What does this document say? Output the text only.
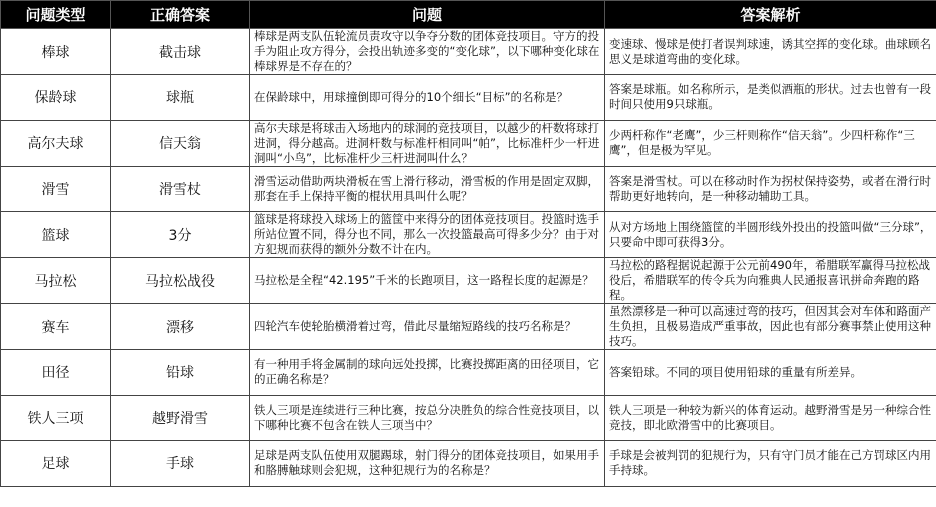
问题类型	正确答案	问题	答案解析
棒球	截击球	棒球是两支队伍轮流员责攻守以争夺分数的团体竞技项目。守方的投手为阻止攻方得分，会投出轨迹多变的“变化球”，以下哪种变化球在棒球界是不存在的？	变速球、慢球是使打者误判球速，诱其空挥的变化球。曲球顾名思义是球道弯曲的变化球。
保龄球	球瓶	在保龄球中，用球撞倒即可得分的10个细长“目标”的名称是？	答案是球瓶。如名称所示，是类似酒瓶的形状。过去也曾有一段时间只使用9只球瓶。
高尔夫球	信天翁	高尔夫球是将球击入场地内的球洞的竞技项目，以越少的杆数将球打进洞，得分越高。进洞杆数与标准杆相同叫“帕”，比标准杆少一杆进洞叫“小鸟”，比标准杆少三杆进洞叫什么？	少两杆称作“老鹰”，少三杆则称作“信天翁”。少四杆称作“三鹰”，但是极为罕见。
滑雪	滑雪杖	滑雪运动借助两块滑板在雪上滑行移动，滑雪板的作用是固定双脚，那套在手上保持平衡的棍状用具叫什么呢？	答案是滑雪杖。可以在移动时作为拐杖保持姿势，或者在滑行时帮助更好地转向，是一种移动辅助工具。
篮球	3分	篮球是将球投入球场上的篮筐中来得分的团体竞技项目。投篮时选手所站位置不同，得分也不同，那么一次投篮最高可得多少分？由于对方犯规而获得的额外分数不计在内。	从对方场地上围绕篮筐的半圆形线外投出的投篮叫做“三分球”，只要命中即可获得3分。
马拉松	马拉松战役	马拉松是全程“42.195”千米的长跑项目，这一路程长度的起源是？	马拉松的路程据说起源于公元前490年，希腊联军赢得马拉松战役后，希腊联军的传令兵为向雅典人民通报喜讯拼命奔跑的路程。
赛车	漂移	四轮汽车使轮胎横滑着过弯，借此尽量缩短路线的技巧名称是？	虽然漂移是一种可以高速过弯的技巧，但因其会对车体和路面产生负担，且极易造成严重事故，因此也有部分赛事禁止使用这种技巧。
田径	铅球	有一种用手将金属制的球向远处投掷，比赛投掷距离的田径项目，它的正确名称是？	答案铅球。不同的项目使用铅球的重量有所差异。
铁人三项	越野滑雪	铁人三项是连续进行三种比赛，按总分决胜负的综合性竞技项目，以下哪种比赛不包含在铁人三项当中？	铁人三项是一种较为新兴的体育运动。越野滑雪是另一种综合性竞技，即北欧滑雪中的比赛项目。
足球	手球	足球是两支队伍使用双腿踢球，射门得分的团体竞技项目，如果用手和胳膊触球则会犯规，这种犯规行为的名称是？	手球是会被判罚的犯规行为，只有守门员才能在己方罚球区内用手持球。
